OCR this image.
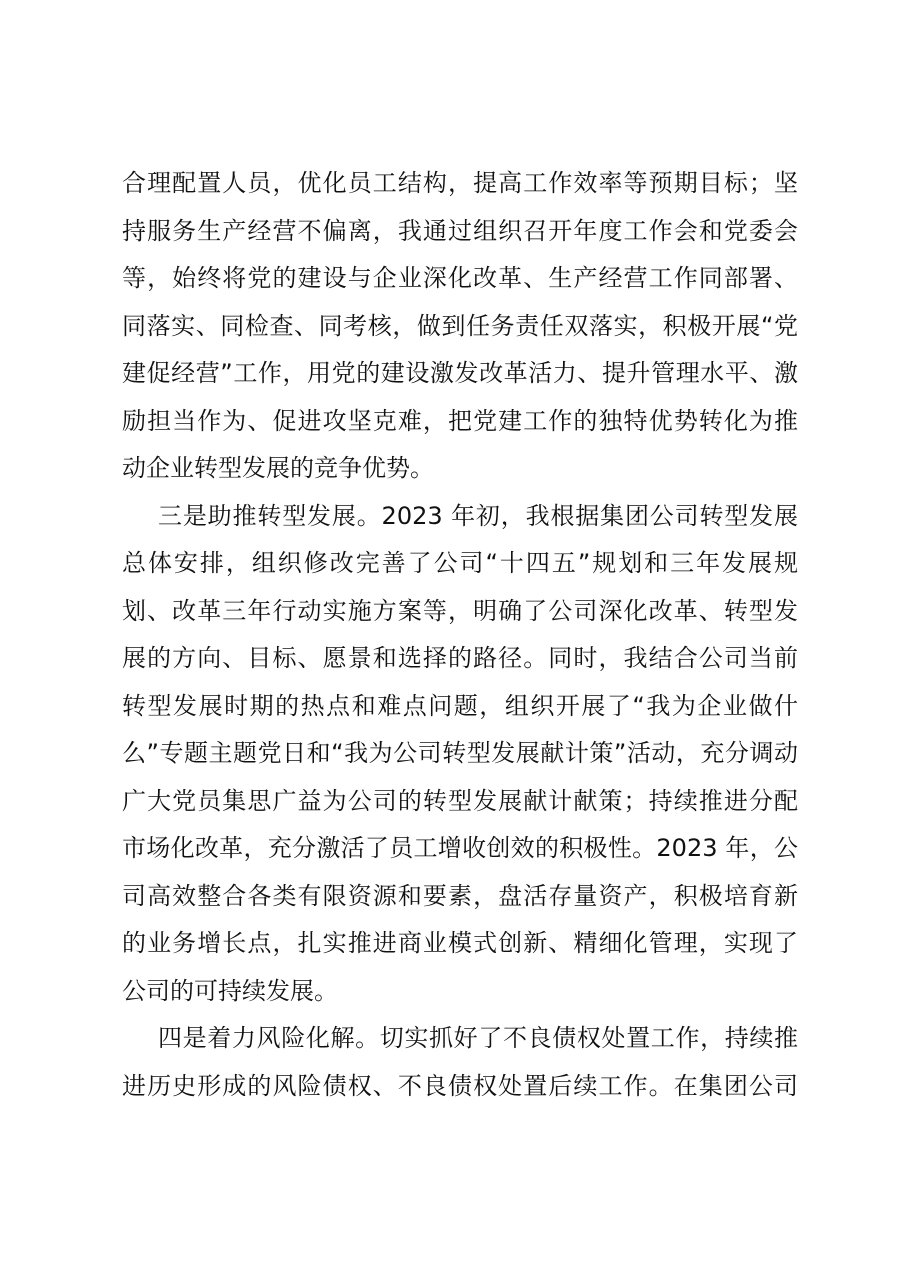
合理配置人员，优化员工结构，提高工作效率等预期目标；坚
持服务生产经营不偏离，我通过组织召开年度工作会和党委会
等，始终将党的建设与企业深化改革、生产经营工作同部署、
同落实、同检查、同考核，做到任务责任双落实，积极开展“党
建促经营”工作，用党的建设激发改革活力、提升管理水平、激
励担当作为、促进攻坚克难，把党建工作的独特优势转化为推
动企业转型发展的竞争优势。
三是助推转型发展。2023 年初，我根据集团公司转型发展
总体安排，组织修改完善了公司“十四五”规划和三年发展规
划、改革三年行动实施方案等，明确了公司深化改革、转型发
展的方向、目标、愿景和选择的路径。同时，我结合公司当前
转型发展时期的热点和难点问题，组织开展了“我为企业做什
么”专题主题党日和“我为公司转型发展献计策”活动，充分调动
广大党员集思广益为公司的转型发展献计献策；持续推进分配
市场化改革，充分激活了员工增收创效的积极性。2023 年，公
司高效整合各类有限资源和要素，盘活存量资产，积极培育新
的业务增长点，扎实推进商业模式创新、精细化管理，实现了
公司的可持续发展。
四是着力风险化解。切实抓好了不良债权处置工作，持续推
进历史形成的风险债权、不良债权处置后续工作。在集团公司
